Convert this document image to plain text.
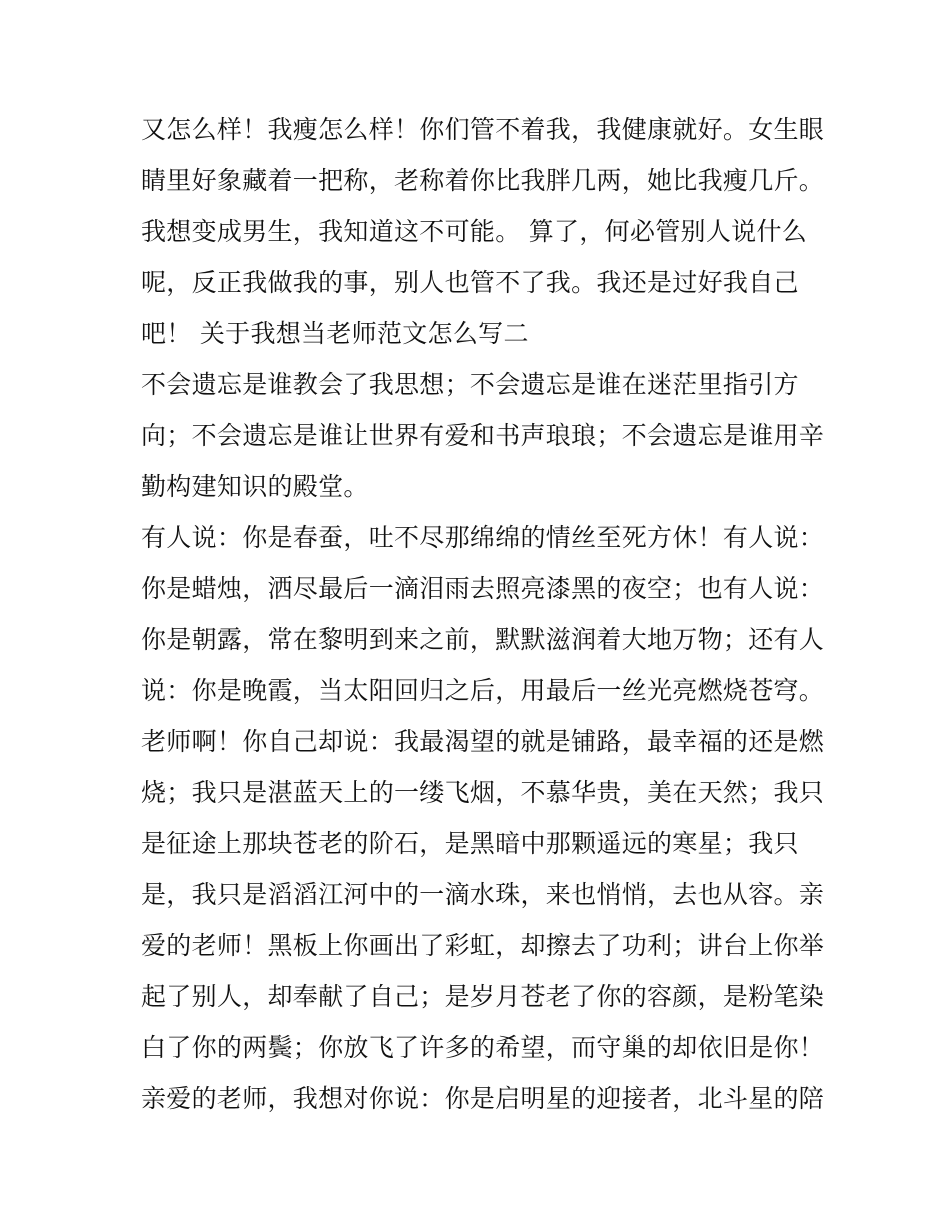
又怎么样！我瘦怎么样！你们管不着我，我健康就好。女生眼
睛里好象藏着一把称，老称着你比我胖几两，她比我瘦几斤。
我想变成男生，我知道这不可能。 算了，何必管别人说什么
呢，反正我做我的事，别人也管不了我。我还是过好我自己
吧！ 关于我想当老师范文怎么写二
不会遗忘是谁教会了我思想；不会遗忘是谁在迷茫里指引方
向；不会遗忘是谁让世界有爱和书声琅琅；不会遗忘是谁用辛
勤构建知识的殿堂。
有人说：你是春蚕，吐不尽那绵绵的情丝至死方休！有人说：
你是蜡烛，洒尽最后一滴泪雨去照亮漆黑的夜空；也有人说：
你是朝露，常在黎明到来之前，默默滋润着大地万物；还有人
说：你是晚霞，当太阳回归之后，用最后一丝光亮燃烧苍穹。
老师啊！你自己却说：我最渴望的就是铺路，最幸福的还是燃
烧；我只是湛蓝天上的一缕飞烟，不慕华贵，美在天然；我只
是征途上那块苍老的阶石，是黑暗中那颗遥远的寒星；我只
是，我只是滔滔江河中的一滴水珠，来也悄悄，去也从容。亲
爱的老师！黑板上你画出了彩虹，却擦去了功利；讲台上你举
起了别人，却奉献了自己；是岁月苍老了你的容颜，是粉笔染
白了你的两鬓；你放飞了许多的希望，而守巢的却依旧是你！
亲爱的老师，我想对你说：你是启明星的迎接者，北斗星的陪
